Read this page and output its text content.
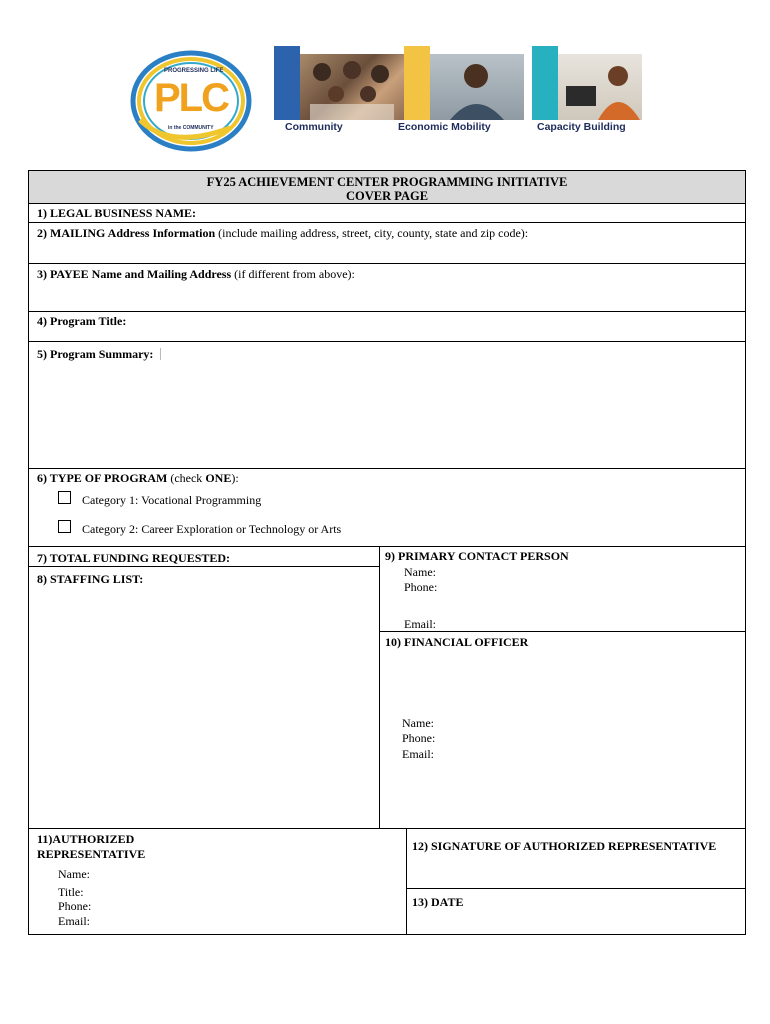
PROGRESSING LIFE
PLC
in the COMMUNITY	Community	Economic Mobility	Capacity Building
FY25 ACHIEVEMENT CENTER PROGRAMMING INITIATIVE
COVER PAGE
1) LEGAL BUSINESS NAME:
2) MAILING Address Information (include mailing address, street, city, county, state and zip code):
3) PAYEE Name and Mailing Address (if different from above):
4) Program Title:
5) Program Summary:
6) TYPE OF PROGRAM (check ONE):
Category 1: Vocational Programming
Category 2: Career Exploration or Technology or Arts
7) TOTAL FUNDING REQUESTED:
8) STAFFING LIST:
9) PRIMARY CONTACT PERSON
Name:
Phone:
Email:
10) FINANCIAL OFFICER
Name:
Phone:
Email:
11)AUTHORIZED
REPRESENTATIVE
Name:
Title:
Phone:
Email:
12) SIGNATURE OF AUTHORIZED REPRESENTATIVE
13) DATE
